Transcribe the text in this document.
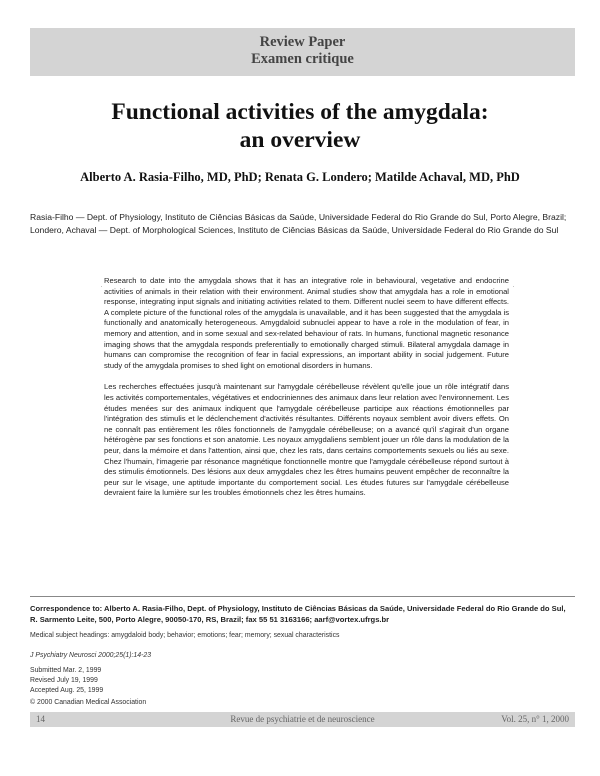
Review Paper
Examen critique
Functional activities of the amygdala:
an overview
Alberto A. Rasia-Filho, MD, PhD; Renata G. Londero; Matilde Achaval, MD, PhD
Rasia-Filho — Dept. of Physiology, Instituto de Ciências Básicas da Saúde, Universidade Federal do Rio Grande do Sul, Porto Alegre, Brazil; Londero, Achaval — Dept. of Morphological Sciences, Instituto de Ciências Básicas da Saúde, Universidade Federal do Rio Grande do Sul
·	·

Research to date into the amygdala shows that it has an integrative role in behavioural, vegetative and endocrine activities of animals in their relation with their environment. Animal studies show that amygdala has a role in emotional response, integrating input signals and initiating activities related to them. Different nuclei seem to have different effects. A complete picture of the functional roles of the amygdala is unavailable, and it has been suggested that the amygdala is functionally and anatomically heterogeneous. Amygdaloid subnuclei appear to have a role in the modulation of fear, in memory and attention, and in some sexual and sex-related behaviour of rats. In humans, functional magnetic resonance imaging shows that the amygdala responds preferentially to emotionally charged stimuli. Bilateral amygdala damage in humans can compromise the recognition of fear in facial expressions, an important ability in social judgement. Future study of the amygdala promises to shed light on emotional disorders in humans.

Les recherches effectuées jusqu'à maintenant sur l'amygdale cérébelleuse révèlent qu'elle joue un rôle intégratif dans les activités comportementales, végétatives et endocriniennes des animaux dans leur relation avec l'environnement. Les études menées sur des animaux indiquent que l'amygdale cérébelleuse participe aux réactions émotionnelles par l'intégration des stimulis et le déclenchement d'activités résultantes. Différents noyaux semblent avoir divers effets. On ne connaît pas entièrement les rôles fonctionnels de l'amygdale cérébelleuse; on a avancé qu'il s'agirait d'un organe hétérogène par ses fonctions et son anatomie. Les noyaux amygdaliens semblent jouer un rôle dans la modulation de la peur, dans la mémoire et dans l'attention, ainsi que, chez les rats, dans certains comportements sexuels ou liés au sexe. Chez l'humain, l'imagerie par résonance magnétique fonctionnelle montre que l'amygdale cérébelleuse répond surtout à des stimulis émotionnels. Des lésions aux deux amygdales chez les êtres humains peuvent empêcher de reconnaître la peur sur le visage, une aptitude importante du comportement social. Les études futures sur l'amygdale cérébelleuse devraient faire la lumière sur les troubles émotionnels chez les êtres humains.

Correspondence to: Alberto A. Rasia-Filho, Dept. of Physiology, Instituto de Ciências Básicas da Saúde, Universidade Federal do Rio Grande do Sul, R. Sarmento Leite, 500, Porto Alegre, 90050-170, RS, Brazil; fax 55 51 3163166; aarf@vortex.ufrgs.br

Medical subject headings: amygdaloid body; behavior; emotions; fear; memory; sexual characteristics

J Psychiatry Neurosci 2000;25(1):14-23

Submitted Mar. 2, 1999

Revised July 19, 1999

Accepted Aug. 25, 1999

© 2000 Canadian Medical Association

14	Revue de psychiatrie et de neuroscience	Vol. 25, n° 1, 2000
